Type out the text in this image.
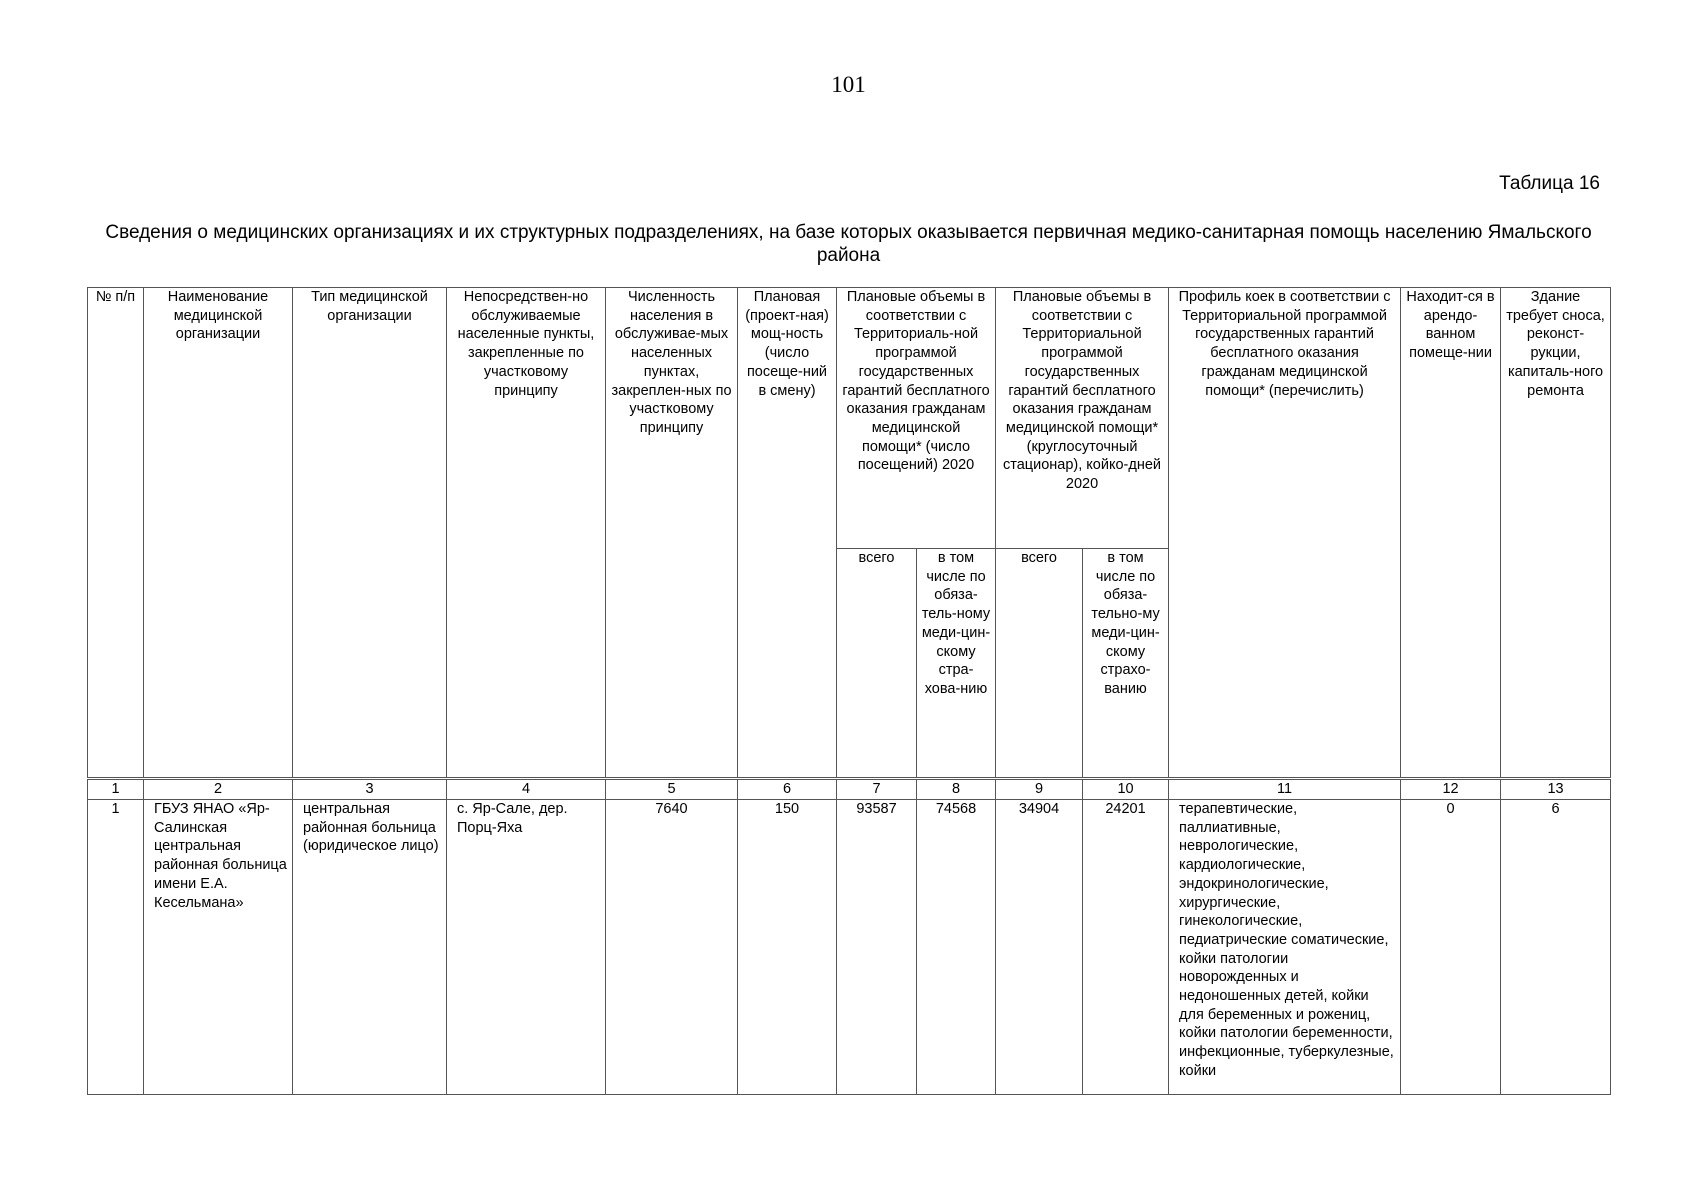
101
Таблица 16
Сведения о медицинских организациях и их структурных подразделениях, на базе которых оказывается первичная медико-санитарная помощь населению Ямальского района
№ п/п	Наименование медицинской организации	Тип медицинской организации	Непосредствен-но обслуживаемые населенные пункты, закрепленные по участковому принципу	Численность населения в обслуживае-мых населенных пунктах, закреплен-ных по участковому принципу	Плановая (проект-ная) мощ-ность (число посеще-ний в смену)	Плановые объемы в соответствии с Территориаль-ной программой государственных гарантий бесплатного оказания гражданам медицинской помощи* (число посещений) 2020		Плановые объемы в соответствии с Территориальной программой государственных гарантий бесплатного оказания гражданам медицинской помощи* (круглосуточный стационар), койко-дней 2020		Профиль коек в соответствии с Территориальной программой государственных гарантий бесплатного оказания гражданам медицинской помощи* (перечислить)	Находит-ся в арендо-ванном помеще-нии	Здание требует сноса, реконст-рукции, капиталь-ного ремонта
						всего	в том числе по обяза-тель-ному меди-цин-скому стра-хова-нию	всего	в том числе по обяза-тельно-му меди-цин-скому страхо-ванию			
1	2	3	4	5	6	7	8	9	10	11	12	13
1	ГБУЗ ЯНАО «Яр-Салинская центральная районная больница имени Е.А. Кесельмана»	центральная районная больница (юридическое лицо)	с. Яр-Сале, дер. Порц-Яха	7640	150	93587	74568	34904	24201	терапевтические, паллиативные, неврологические, кардиологические, эндокринологические, хирургические, гинекологические, педиатрические соматические, койки патологии новорожденных и недоношенных детей, койки для беременных и рожениц, койки патологии беременности, инфекционные, туберкулезные, койки	0	6
